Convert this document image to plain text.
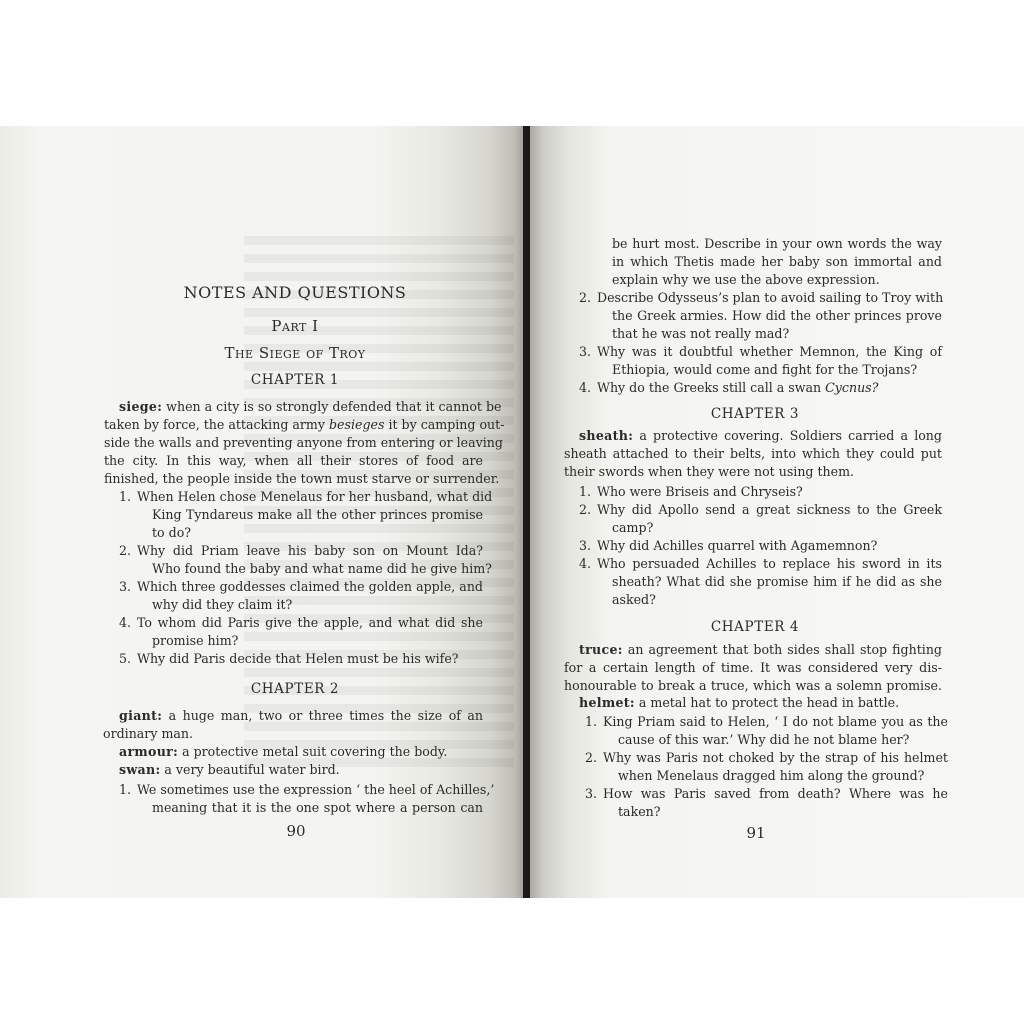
NOTES AND QUESTIONS
Part I
The Siege of Troy
CHAPTER 1
siege: when a city is so strongly defended that it cannot be
taken by force, the attacking army besieges it by camping out-
side the walls and preventing anyone from entering or leaving
the city. In this way, when all their stores of food are
finished, the people inside the town must starve or surrender.
1. When Helen chose Menelaus for her husband, what did
King Tyndareus make all the other princes promise
to do?
2. Why did Priam leave his baby son on Mount Ida?
Who found the baby and what name did he give him?
3. Which three goddesses claimed the golden apple, and
why did they claim it?
4. To whom did Paris give the apple, and what did she
promise him?
5. Why did Paris decide that Helen must be his wife?
CHAPTER 2
giant: a huge man, two or three times the size of an
ordinary man.
armour: a protective metal suit covering the body.
swan: a very beautiful water bird.
1. We sometimes use the expression ‘ the heel of Achilles,’
meaning that it is the one spot where a person can
90
be hurt most. Describe in your own words the way
in which Thetis made her baby son immortal and
explain why we use the above expression.
2. Describe Odysseus’s plan to avoid sailing to Troy with
the Greek armies. How did the other princes prove
that he was not really mad?
3. Why was it doubtful whether Memnon, the King of
Ethiopia, would come and fight for the Trojans?
4. Why do the Greeks still call a swan Cycnus?
CHAPTER 3
sheath: a protective covering. Soldiers carried a long
sheath attached to their belts, into which they could put
their swords when they were not using them.
1. Who were Briseis and Chryseis?
2. Why did Apollo send a great sickness to the Greek
camp?
3. Why did Achilles quarrel with Agamemnon?
4. Who persuaded Achilles to replace his sword in its
sheath? What did she promise him if he did as she
asked?
CHAPTER 4
truce: an agreement that both sides shall stop fighting
for a certain length of time. It was considered very dis-
honourable to break a truce, which was a solemn promise.
helmet: a metal hat to protect the head in battle.
1. King Priam said to Helen, ‘ I do not blame you as the
cause of this war.’ Why did he not blame her?
2. Why was Paris not choked by the strap of his helmet
when Menelaus dragged him along the ground?
3. How was Paris saved from death? Where was he
taken?
91
